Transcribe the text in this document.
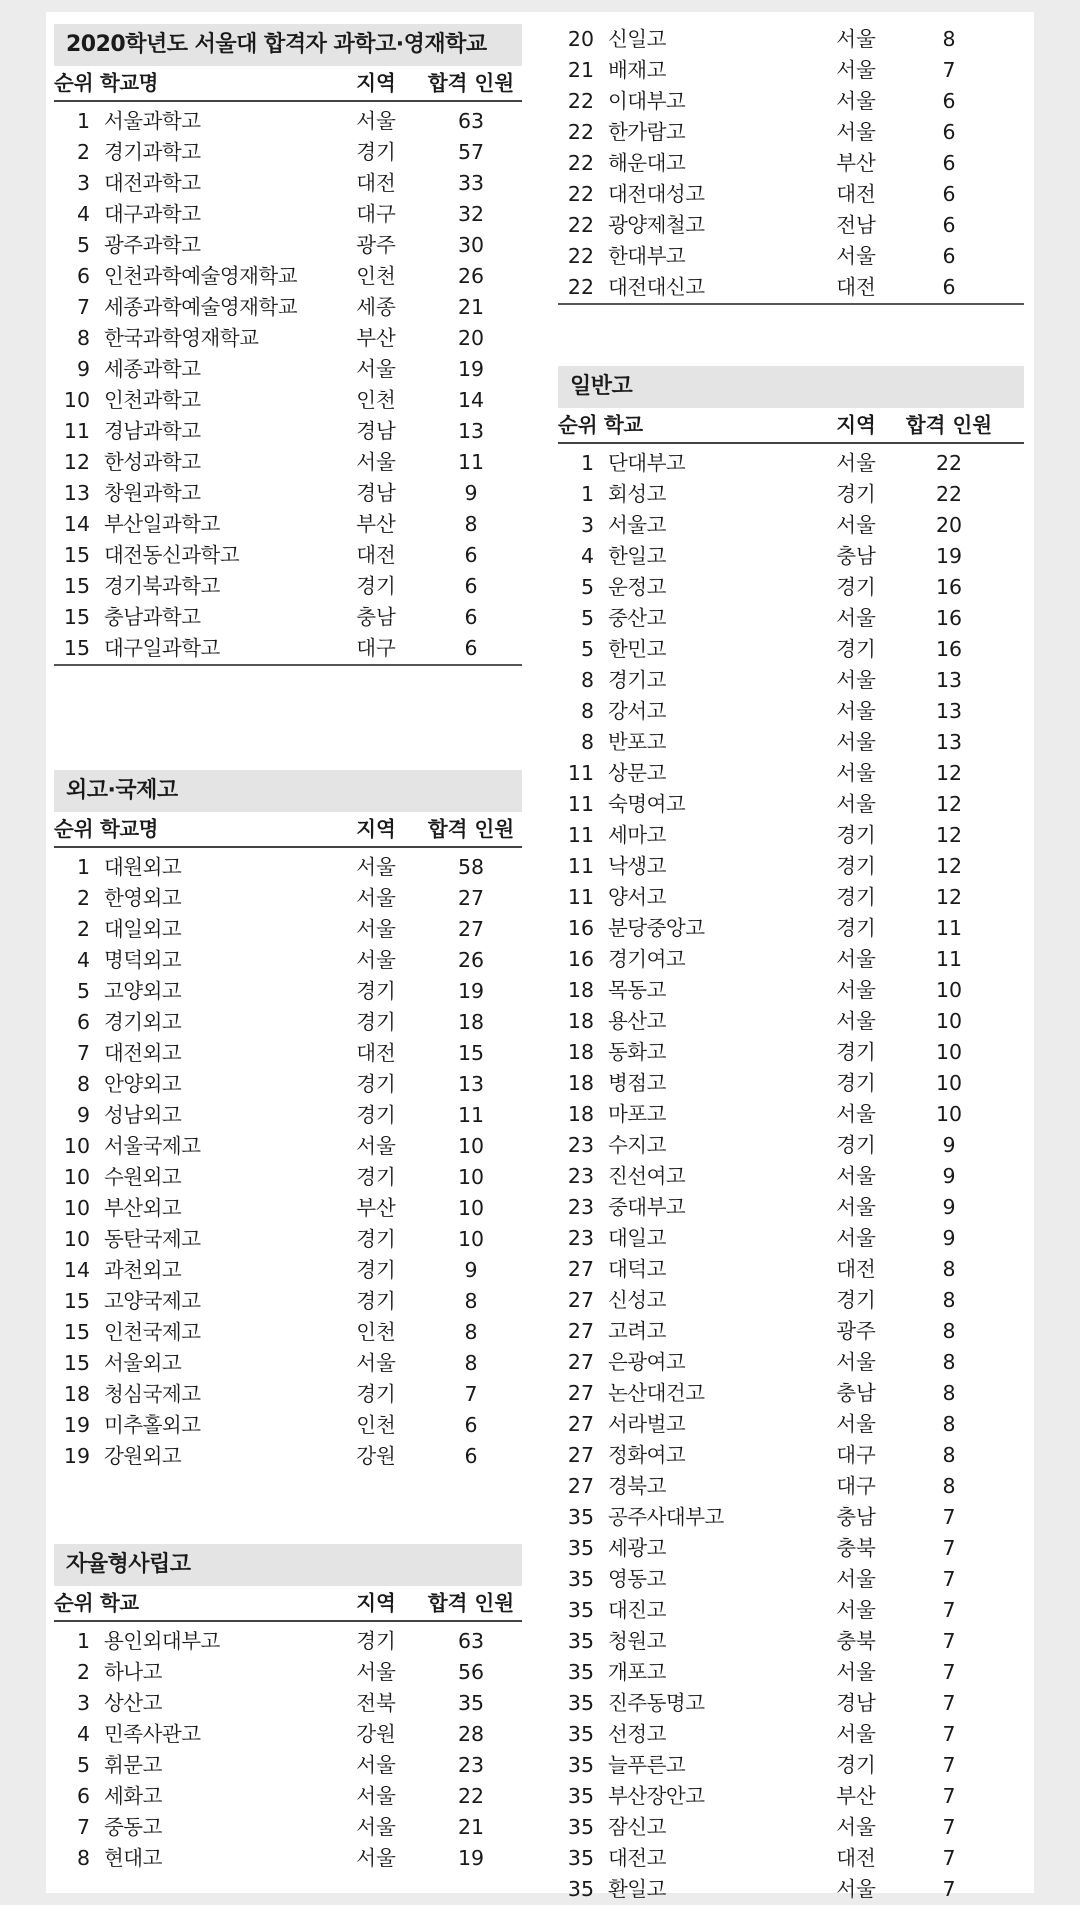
2020학년도 서울대 합격자 과학고·영재학교
순위 학교명	지역	합격 인원
1 서울과학고	서울	63
2 경기과학고	경기	57
3 대전과학고	대전	33
4 대구과학고	대구	32
5 광주과학고	광주	30
6 인천과학예술영재학교	인천	26
7 세종과학예술영재학교	세종	21
8 한국과학영재학교	부산	20
9 세종과학고	서울	19
10 인천과학고	인천	14
11 경남과학고	경남	13
12 한성과학고	서울	11
13 창원과학고	경남	9
14 부산일과학고	부산	8
15 대전동신과학고	대전	6
15 경기북과학고	경기	6
15 충남과학고	충남	6
15 대구일과학고	대구	6
외고·국제고
순위 학교명	지역	합격 인원
1 대원외고	서울	58
2 한영외고	서울	27
2 대일외고	서울	27
4 명덕외고	서울	26
5 고양외고	경기	19
6 경기외고	경기	18
7 대전외고	대전	15
8 안양외고	경기	13
9 성남외고	경기	11
10 서울국제고	서울	10
10 수원외고	경기	10
10 부산외고	부산	10
10 동탄국제고	경기	10
14 과천외고	경기	9
15 고양국제고	경기	8
15 인천국제고	인천	8
15 서울외고	서울	8
18 청심국제고	경기	7
19 미추홀외고	인천	6
19 강원외고	강원	6
자율형사립고
순위 학교	지역	합격 인원
1 용인외대부고	경기	63
2 하나고	서울	56
3 상산고	전북	35
4 민족사관고	강원	28
5 휘문고	서울	23
6 세화고	서울	22
7 중동고	서울	21
8 현대고	서울	19
20 신일고	서울	8
21 배재고	서울	7
22 이대부고	서울	6
22 한가람고	서울	6
22 해운대고	부산	6
22 대전대성고	대전	6
22 광양제철고	전남	6
22 한대부고	서울	6
22 대전대신고	대전	6
일반고
순위 학교	지역	합격 인원
1 단대부고	서울	22
1 회성고	경기	22
3 서울고	서울	20
4 한일고	충남	19
5 운정고	경기	16
5 중산고	서울	16
5 한민고	경기	16
8 경기고	서울	13
8 강서고	서울	13
8 반포고	서울	13
11 상문고	서울	12
11 숙명여고	서울	12
11 세마고	경기	12
11 낙생고	경기	12
11 양서고	경기	12
16 분당중앙고	경기	11
16 경기여고	서울	11
18 목동고	서울	10
18 용산고	서울	10
18 동화고	경기	10
18 병점고	경기	10
18 마포고	서울	10
23 수지고	경기	9
23 진선여고	서울	9
23 중대부고	서울	9
23 대일고	서울	9
27 대덕고	대전	8
27 신성고	경기	8
27 고려고	광주	8
27 은광여고	서울	8
27 논산대건고	충남	8
27 서라벌고	서울	8
27 정화여고	대구	8
27 경북고	대구	8
35 공주사대부고	충남	7
35 세광고	충북	7
35 영동고	서울	7
35 대진고	서울	7
35 청원고	충북	7
35 개포고	서울	7
35 진주동명고	경남	7
35 선정고	서울	7
35 늘푸른고	경기	7
35 부산장안고	부산	7
35 잠신고	서울	7
35 대전고	대전	7
35 환일고	서울	7
